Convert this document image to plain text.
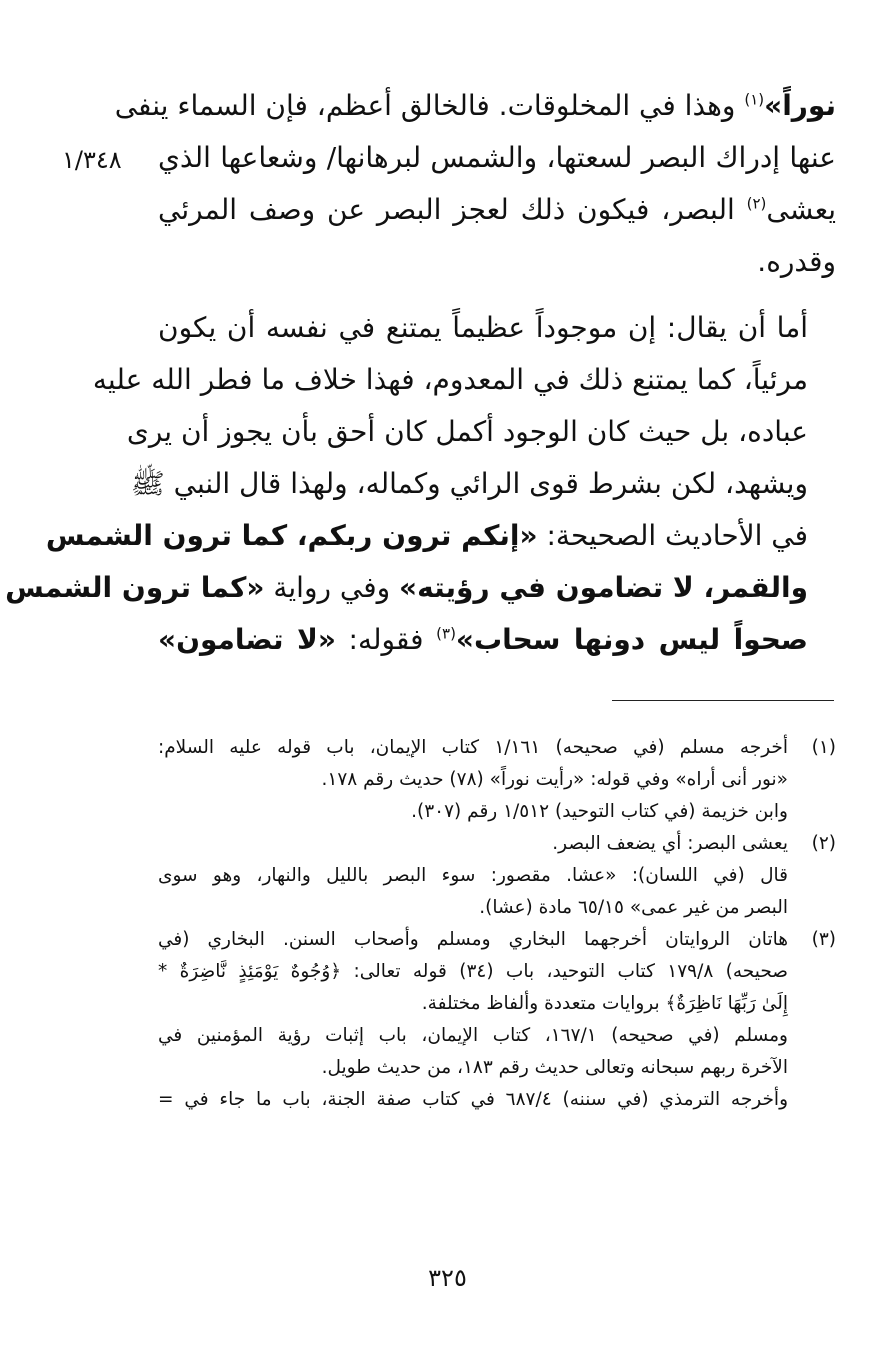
١/٣٤٨

نوراً»$^{(١)}$ وهذا في المخلوقات. فالخالق أعظم، فإن السماء ينفى
عنها إدراك البصر لسعتها، والشمس لبرهانها/ وشعاعها الذي
يعشى$^{(٢)}$ البصر، فيكون ذلك لعجز البصر عن وصف المرئي
وقدره.

أما أن يقال: إن موجوداً عظيماً يمتنع في نفسه أن يكون
مرئياً، كما يمتنع ذلك في المعدوم، فهذا خلاف ما فطر الله عليه
عباده، بل حيث كان الوجود أكمل كان أحق بأن يجوز أن يرى
ويشهد، لكن بشرط قوى الرائي وكماله، ولهذا قال النبي ﷺ
في الأحاديث الصحيحة: «إنكم ترون ربكم، كما ترون الشمس
والقمر، لا تضامون في رؤيته» وفي رواية «كما ترون الشمس
صحواً ليس دونها سحاب»$^{(٣)}$ فقوله: «لا تضامون»

(١)
أخرجه مسلم (في صحيحه) ١/١٦١ كتاب الإيمان، باب قوله عليه السلام:
«نور أنى أراه» وفي قوله: «رأيت نوراً» (٧٨) حديث رقم ١٧٨.
وابن خزيمة (في كتاب التوحيد) ١/٥١٢ رقم (٣٠٧).
(٢)
يعشى البصر: أي يضعف البصر.
قال (في اللسان): «عشا. مقصور: سوء البصر بالليل والنهار، وهو سوى
البصر من غير عمى» ٦٥/١٥ مادة (عشا).
(٣)
هاتان الروايتان أخرجهما البخاري ومسلم وأصحاب السنن. البخاري (في
صحيحه) ١٧٩/٨ كتاب التوحيد، باب (٣٤) قوله تعالى: ﴿وُجُوهٌ يَوْمَئِذٍ نَّاضِرَةٌ *
إِلَىٰ رَبِّهَا نَاظِرَةٌ﴾ بروايات متعددة وألفاظ مختلفة.
ومسلم (في صحيحه) ١٦٧/١، كتاب الإيمان، باب إثبات رؤية المؤمنين في
الآخرة ربهم سبحانه وتعالى حديث رقم ١٨٣، من حديث طويل.
وأخرجه الترمذي (في سننه) ٦٨٧/٤ في كتاب صفة الجنة، باب ما جاء في =
٣٢٥
